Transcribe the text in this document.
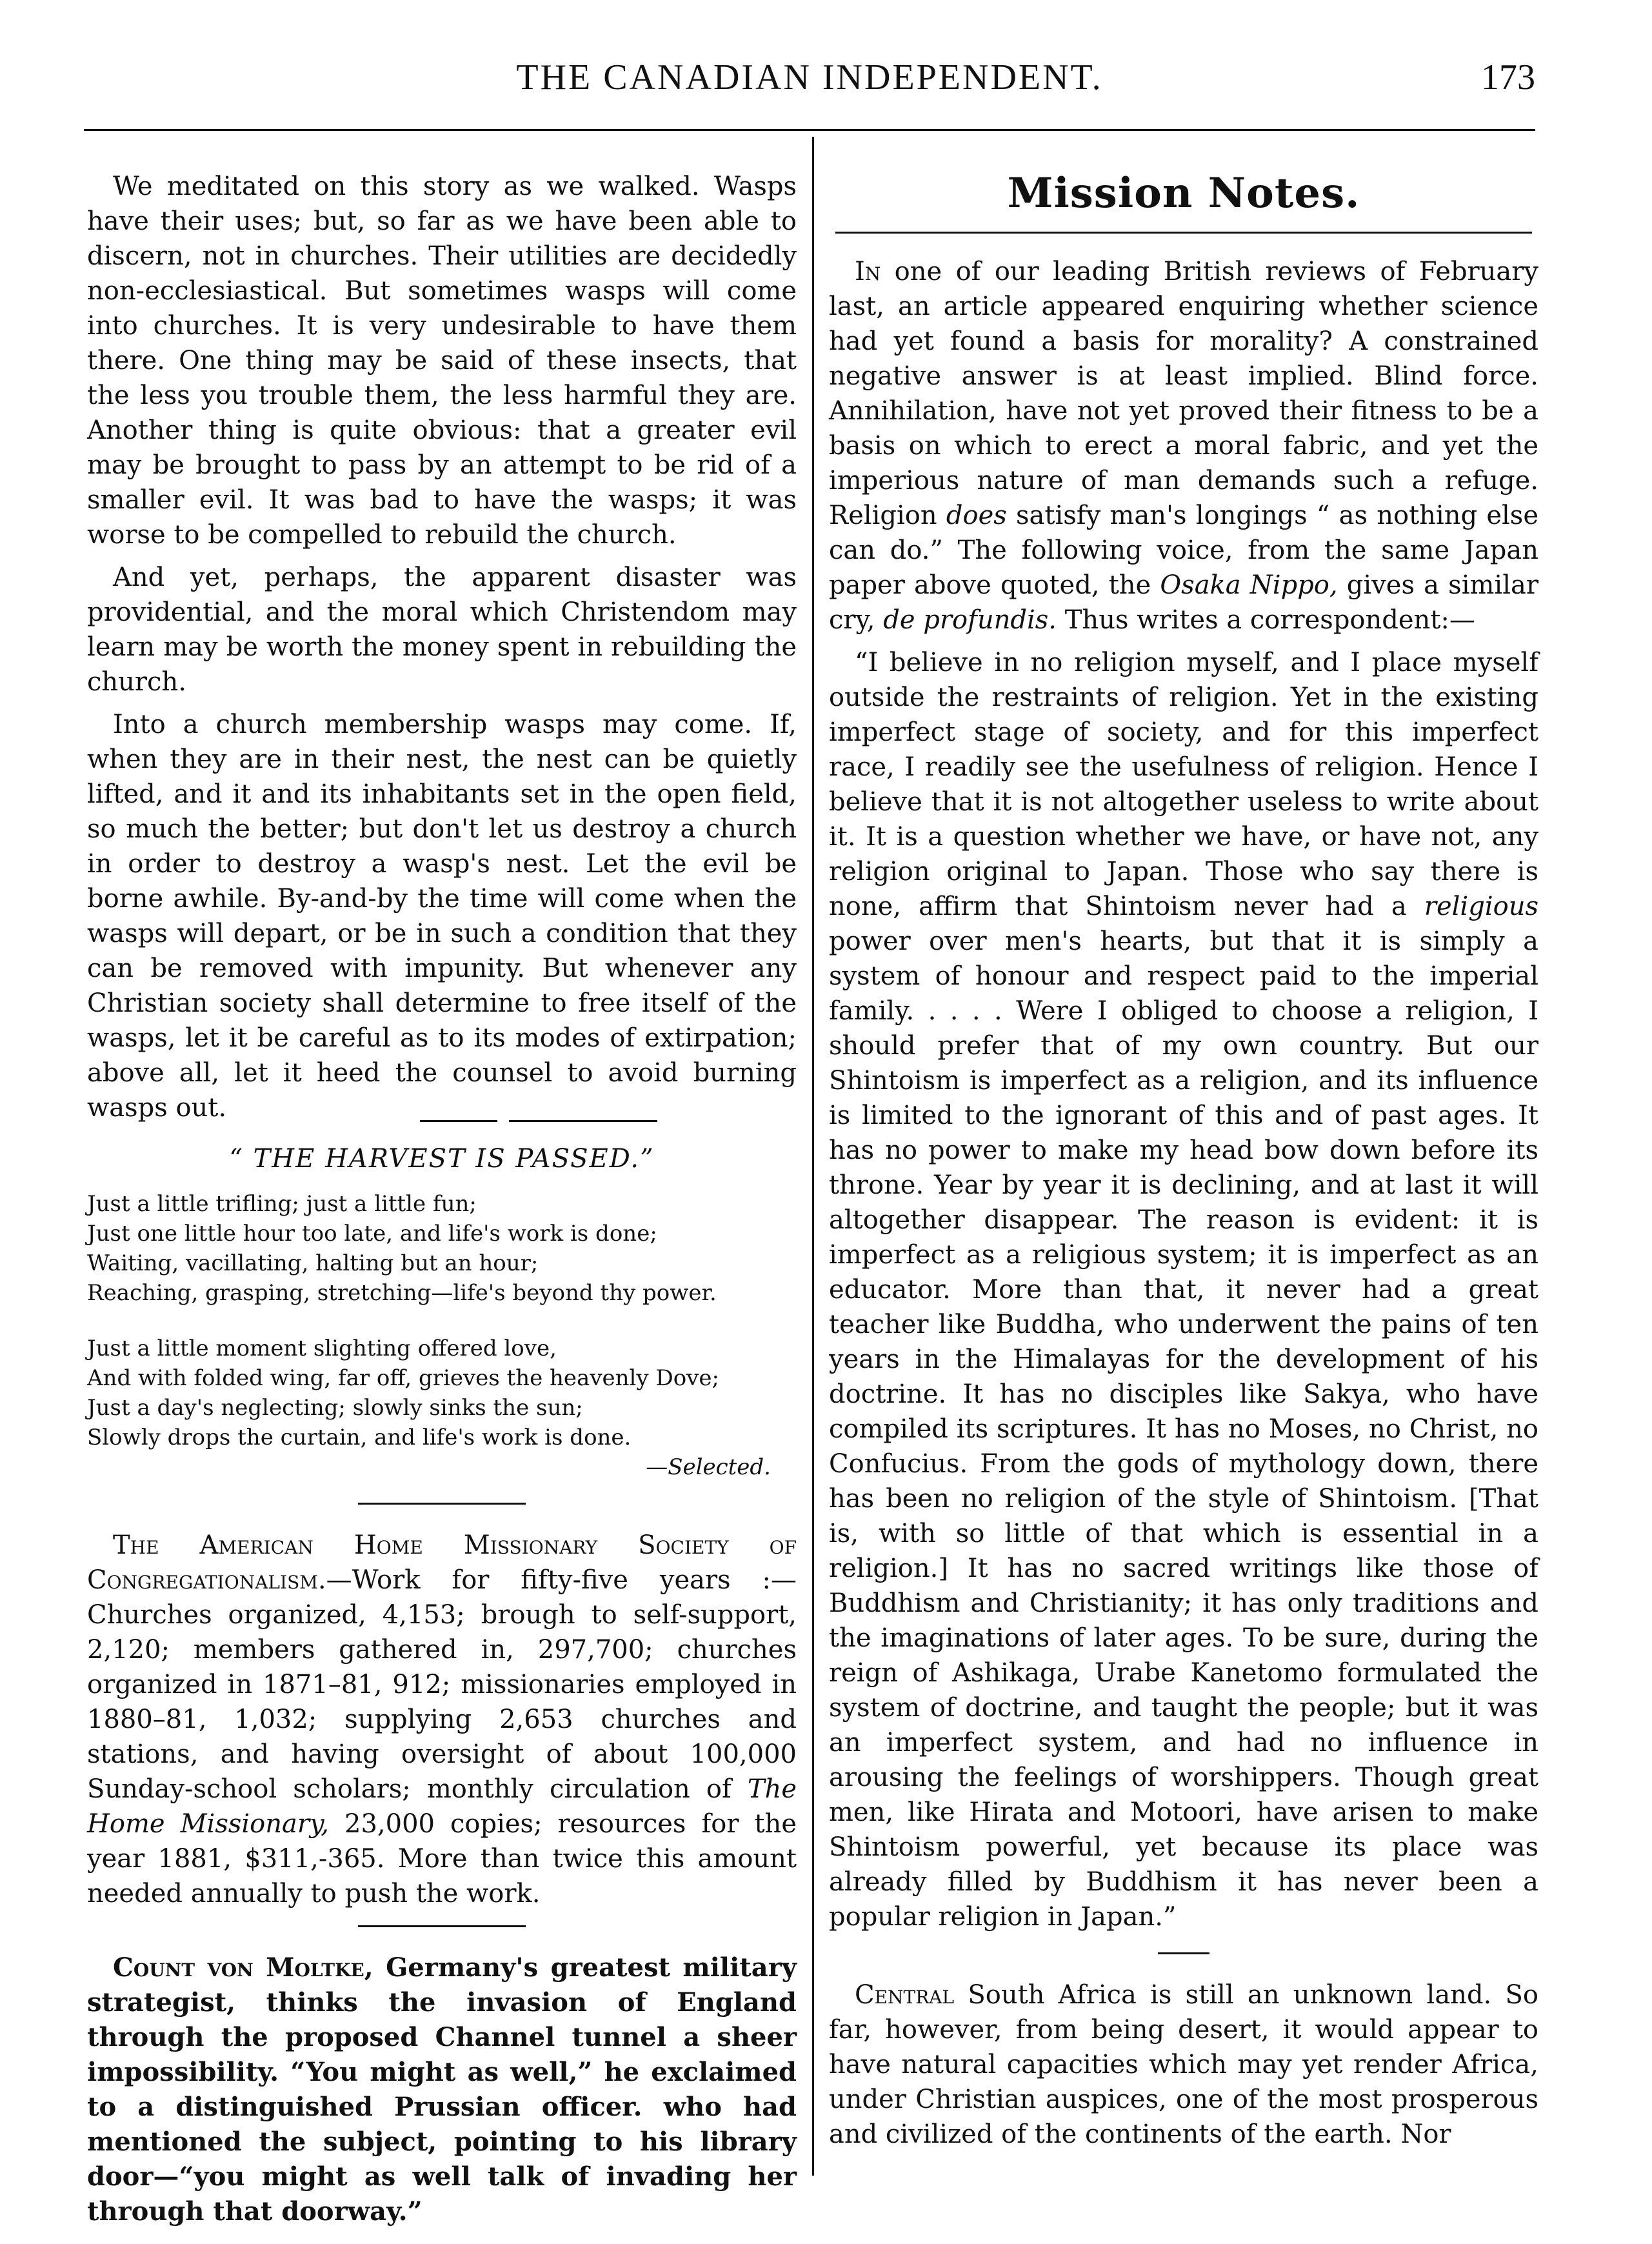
THE CANADIAN INDEPENDENT.	173

We meditated on this story as we walked. Wasps have their uses; but, so far as we have been able to discern, not in churches. Their utilities are decidedly non-ecclesiastical. But sometimes wasps will come into churches. It is very undesirable to have them there. One thing may be said of these insects, that the less you trouble them, the less harmful they are. Another thing is quite obvious: that a greater evil may be brought to pass by an attempt to be rid of a smaller evil. It was bad to have the wasps; it was worse to be compelled to rebuild the church.

And yet, perhaps, the apparent disaster was providential, and the moral which Christendom may learn may be worth the money spent in rebuilding the church.

Into a church membership wasps may come. If, when they are in their nest, the nest can be quietly lifted, and it and its inhabitants set in the open field, so much the better; but don't let us destroy a church in order to destroy a wasp's nest. Let the evil be borne awhile. By-and-by the time will come when the wasps will depart, or be in such a condition that they can be removed with impunity. But whenever any Christian society shall determine to free itself of the wasps, let it be careful as to its modes of extirpation; above all, let it heed the counsel to avoid burning wasps out.

“ THE HARVEST IS PASSED.”
Just a little trifling; just a little fun;
Just one little hour too late, and life's work is done;
Waiting, vacillating, halting but an hour;
Reaching, grasping, stretching—life's beyond thy power.
Just a little moment slighting offered love,
And with folded wing, far off, grieves the heavenly Dove;
Just a day's neglecting; slowly sinks the sun;
Slowly drops the curtain, and life's work is done.
—Selected.

The American Home Missionary Society of Congregationalism.—Work for fifty-five years :— Churches organized, 4,153; brough to self-support, 2,120; members gathered in, 297,700; churches organized in 1871–81, 912; missionaries employed in 1880–81, 1,032; supplying 2,653 churches and stations, and having oversight of about 100,000 Sunday-school scholars; monthly circulation of The Home Missionary, 23,000 copies; resources for the year 1881, $311,-365. More than twice this amount needed annually to push the work.

Count von Moltke, Germany's greatest military strategist, thinks the invasion of England through the proposed Channel tunnel a sheer impossibility. “You might as well,” he exclaimed to a distinguished Prussian officer. who had mentioned the subject, pointing to his library door—“you might as well talk of invading her through that doorway.”

Mission Notes.

In one of our leading British reviews of February last, an article appeared enquiring whether science had yet found a basis for morality? A constrained negative answer is at least implied. Blind force. Annihilation, have not yet proved their fitness to be a basis on which to erect a moral fabric, and yet the imperious nature of man demands such a refuge. Religion does satisfy man's longings “ as nothing else can do.” The following voice, from the same Japan paper above quoted, the Osaka Nippo, gives a similar cry, de profundis. Thus writes a correspondent:—

“I believe in no religion myself, and I place myself outside the restraints of religion. Yet in the existing imperfect stage of society, and for this imperfect race, I readily see the usefulness of religion. Hence I believe that it is not altogether useless to write about it. It is a question whether we have, or have not, any religion original to Japan. Those who say there is none, affirm that Shintoism never had a religious power over men's hearts, but that it is simply a system of honour and respect paid to the imperial family. . . . . Were I obliged to choose a religion, I should prefer that of my own country. But our Shintoism is imperfect as a religion, and its influence is limited to the ignorant of this and of past ages. It has no power to make my head bow down before its throne. Year by year it is declining, and at last it will altogether disappear. The reason is evident: it is imperfect as a religious system; it is imperfect as an educator. More than that, it never had a great teacher like Buddha, who underwent the pains of ten years in the Himalayas for the development of his doctrine. It has no disciples like Sakya, who have compiled its scriptures. It has no Moses, no Christ, no Confucius. From the gods of mythology down, there has been no religion of the style of Shintoism. [That is, with so little of that which is essential in a religion.] It has no sacred writings like those of Buddhism and Christianity; it has only traditions and the imaginations of later ages. To be sure, during the reign of Ashikaga, Urabe Kanetomo formulated the system of doctrine, and taught the people; but it was an imperfect system, and had no influence in arousing the feelings of worshippers. Though great men, like Hirata and Motoori, have arisen to make Shintoism powerful, yet because its place was already filled by Buddhism it has never been a popular religion in Japan.”

Central South Africa is still an unknown land. So far, however, from being desert, it would appear to have natural capacities which may yet render Africa, under Christian auspices, one of the most prosperous and civilized of the continents of the earth. Nor
